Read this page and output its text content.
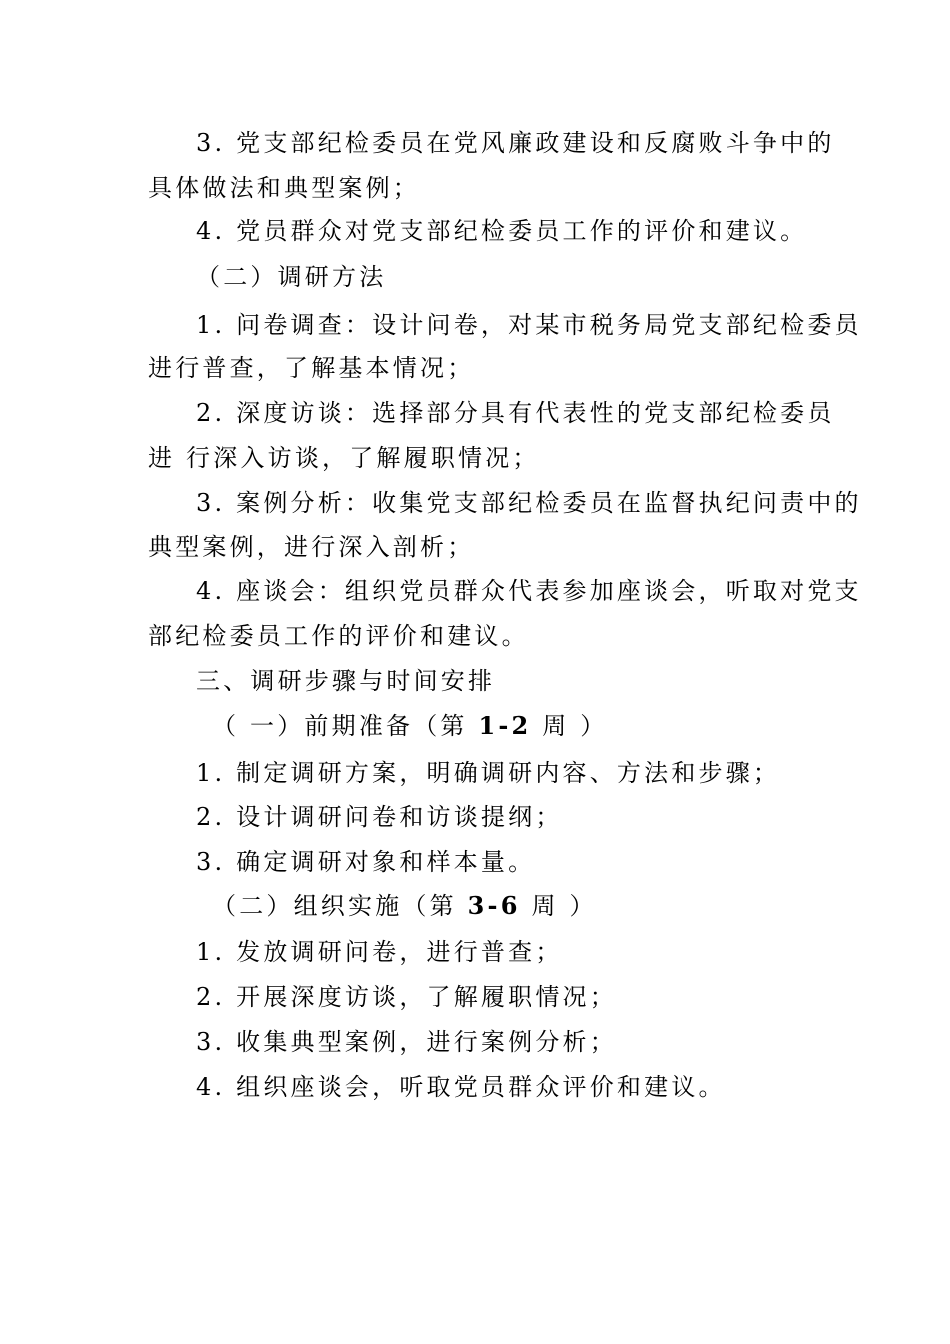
3. 党支部纪检委员在党风廉政建设和反腐败斗争中的
具体做法和典型案例；
4. 党员群众对党支部纪检委员工作的评价和建议。
（二）调研方法
1. 问卷调查：设计问卷，对某市税务局党支部纪检委员
进行普查，了解基本情况；
2. 深度访谈：选择部分具有代表性的党支部纪检委员
进 行深入访谈，了解履职情况；
3. 案例分析：收集党支部纪检委员在监督执纪问责中的
典型案例，进行深入剖析；
4. 座谈会：组织党员群众代表参加座谈会，听取对党支
部纪检委员工作的评价和建议。
三、调研步骤与时间安排
（ 一）前期准备（第 1-2 周 ）
1. 制定调研方案，明确调研内容、方法和步骤；
2. 设计调研问卷和访谈提纲；
3. 确定调研对象和样本量。
（二）组织实施（第 3-6 周 ）
1. 发放调研问卷，进行普查；
2. 开展深度访谈，了解履职情况；
3. 收集典型案例，进行案例分析；
4. 组织座谈会，听取党员群众评价和建议。
